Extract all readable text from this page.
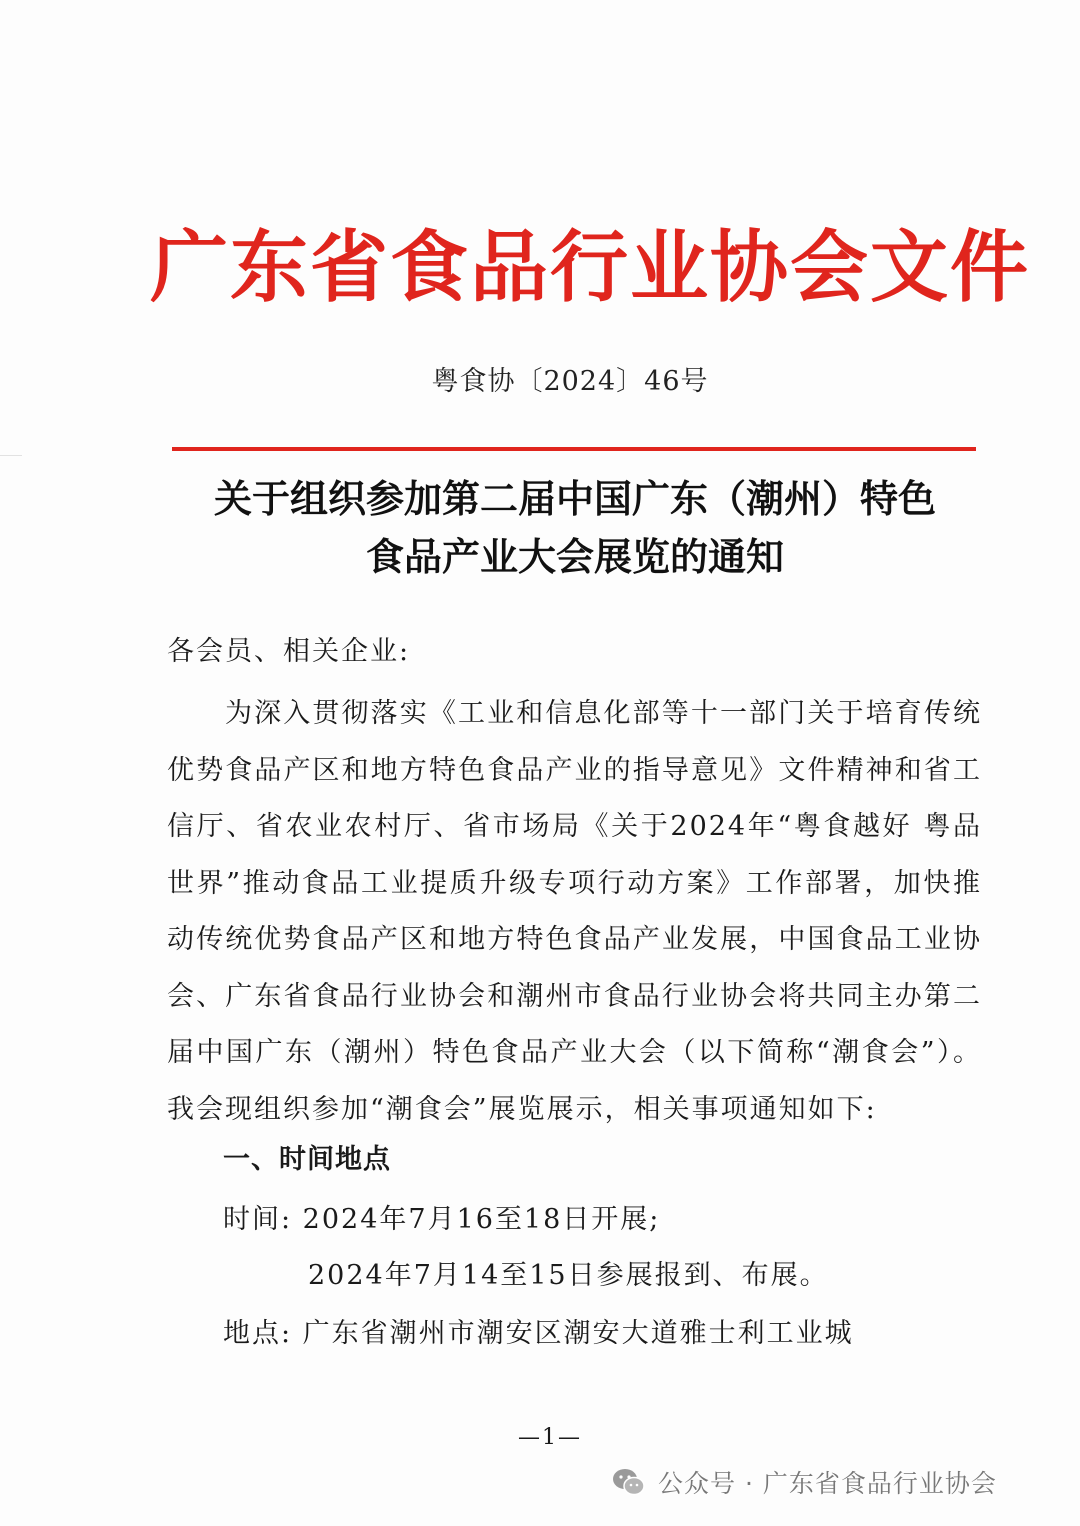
广东省食品行业协会文件
粤食协〔2024〕46号
关于组织参加第二届中国广东（潮州）特色
食品产业大会展览的通知
各会员、相关企业:
为深入贯彻落实《工业和信息化部等十一部门关于培育传统优势食品产区和地方特色食品产业的指导意见》文件精神和省工信厅、省农业农村厅、省市场局《关于2024年“粤食越好 粤品世界”推动食品工业提质升级专项行动方案》工作部署，加快推动传统优势食品产区和地方特色食品产业发展，中国食品工业协会、广东省食品行业协会和潮州市食品行业协会将共同主办第二届中国广东（潮州）特色食品产业大会（以下简称“潮食会”）。我会现组织参加“潮食会”展览展示，相关事项通知如下:
一、时间地点
时间: 2024年7月16至18日开展;
2024年7月14至15日参展报到、布展。
地点: 广东省潮州市潮安区潮安大道雅士利工业城
—1—
公众号 · 广东省食品行业协会
